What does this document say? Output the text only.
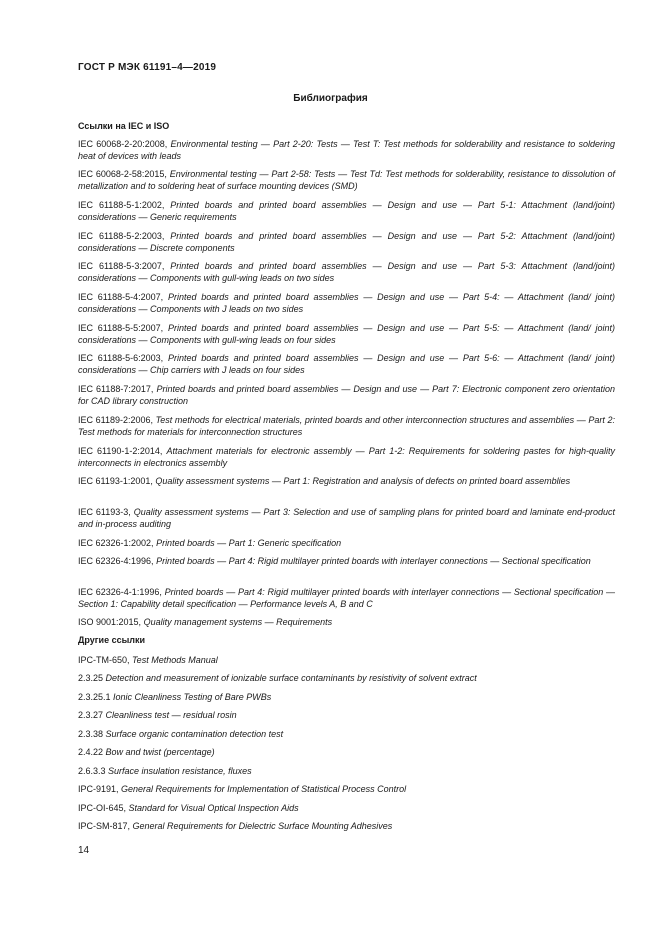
ГОСТ Р МЭК 61191–4—2019
Библиография
Ссылки на IEC и ISO
IEC 60068-2-20:2008, Environmental testing — Part 2-20: Tests — Test T: Test methods for solderability and resistance to soldering heat of devices with leads
IEC 60068-2-58:2015, Environmental testing — Part 2-58: Tests — Test Td: Test methods for solderability, resistance to dissolution of metallization and to soldering heat of surface mounting devices (SMD)
IEC 61188-5-1:2002, Printed boards and printed board assemblies — Design and use — Part 5-1: Attachment (land/joint) considerations — Generic requirements
IEC 61188-5-2:2003, Printed boards and printed board assemblies — Design and use — Part 5-2: Attachment (land/joint) considerations — Discrete components
IEC 61188-5-3:2007, Printed boards and printed board assemblies — Design and use — Part 5-3: Attachment (land/joint) considerations — Components with gull-wing leads on two sides
IEC 61188-5-4:2007, Printed boards and printed board assemblies — Design and use — Part 5-4: — Attachment (land/ joint) considerations — Components with J leads on two sides
IEC 61188-5-5:2007, Printed boards and printed board assemblies — Design and use — Part 5-5: — Attachment (land/ joint) considerations — Components with gull-wing leads on four sides
IEC 61188-5-6:2003, Printed boards and printed board assemblies — Design and use — Part 5-6: — Attachment (land/ joint) considerations — Chip carriers with J leads on four sides
IEC 61188-7:2017, Printed boards and printed board assemblies — Design and use — Part 7: Electronic component zero orientation for CAD library construction
IEC 61189-2:2006, Test methods for electrical materials, printed boards and other interconnection structures and assemblies — Part 2: Test methods for materials for interconnection structures
IEC 61190-1-2:2014, Attachment materials for electronic assembly — Part 1-2: Requirements for soldering pastes for high-quality interconnects in electronics assembly
IEC 61193-1:2001, Quality assessment systems — Part 1: Registration and analysis of defects on printed board assemblies
IEC 61193-3, Quality assessment systems — Part 3: Selection and use of sampling plans for printed board and laminate end-product and in-process auditing
IEC 62326-1:2002, Printed boards — Part 1: Generic specification
IEC 62326-4:1996, Printed boards — Part 4: Rigid multilayer printed boards with interlayer connections — Sectional specification
IEC 62326-4-1:1996, Printed boards — Part 4: Rigid multilayer printed boards with interlayer connections — Sectional specification — Section 1: Capability detail specification — Performance levels A, B and C
ISO 9001:2015, Quality management systems — Requirements
Другие ссылки
IPC-TM-650, Test Methods Manual
2.3.25 Detection and measurement of ionizable surface contaminants by resistivity of solvent extract
2.3.25.1 Ionic Cleanliness Testing of Bare PWBs
2.3.27 Cleanliness test — residual rosin
2.3.38 Surface organic contamination detection test
2.4.22 Bow and twist (percentage)
2.6.3.3 Surface insulation resistance, fluxes
IPC-9191, General Requirements for Implementation of Statistical Process Control
IPC-OI-645, Standard for Visual Optical Inspection Aids
IPC-SM-817, General Requirements for Dielectric Surface Mounting Adhesives
14
